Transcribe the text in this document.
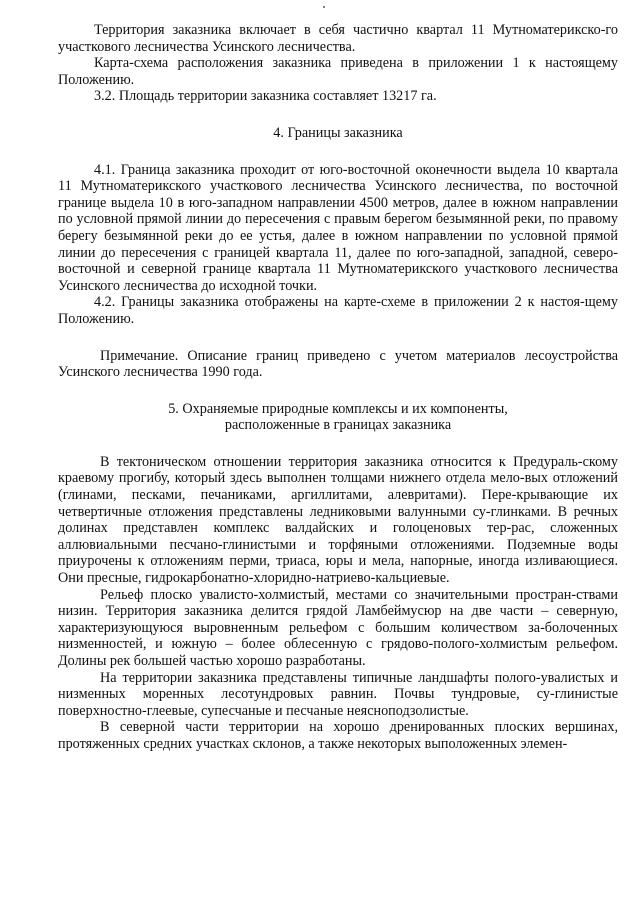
Территория заказника включает в себя частично квартал 11 Мутноматерикско-го участкового лесничества Усинского лесничества.

Карта-схема расположения заказника приведена в приложении 1 к настоящему Положению.

3.2. Площадь территории заказника составляет 13217 га.

4. Границы заказника

4.1. Граница заказника проходит от юго-восточной оконечности выдела 10 квартала 11 Мутноматерикского участкового лесничества Усинского лесничества, по восточной границе выдела 10 в юго-западном направлении 4500 метров, далее в южном направлении по условной прямой линии до пересечения с правым берегом безымянной реки, по правому берегу безымянной реки до ее устья, далее в южном направлении по условной прямой линии до пересечения с границей квартала 11, далее по юго-западной, западной, северо-восточной и северной границе квартала 11 Мутноматерикского участкового лесничества Усинского лесничества до исходной точки.

4.2. Границы заказника отображены на карте-схеме в приложении 2 к настоя-щему Положению.

Примечание. Описание границ приведено с учетом материалов лесоустройства Усинского лесничества 1990 года.

5. Охраняемые природные комплексы и их компоненты,

расположенные в границах заказника

В тектоническом отношении территория заказника относится к Предураль-скому краевому прогибу, который здесь выполнен толщами нижнего отдела мело-вых отложений (глинами, песками, печаниками, аргиллитами, алевритами). Пере-крывающие их четвертичные отложения представлены ледниковыми валунными су-глинками. В речных долинах представлен комплекс валдайских и голоценовых тер-рас, сложенных аллювиальными песчано-глинистыми и торфяными отложениями. Подземные воды приурочены к отложениям перми, триаса, юры и мела, напорные, иногда изливающиеся. Они пресные, гидрокарбонатно-хлоридно-натриево-кальциевые.

Рельеф плоско увалисто-холмистый, местами со значительными простран-ствами низин. Территория заказника делится грядой Ламбеймусюр на две части – северную, характеризующуюся выровненным рельефом с большим количеством за-болоченных низменностей, и южную – более облесенную с грядово-полого-холмистым рельефом. Долины рек большей частью хорошо разработаны.

На территории заказника представлены типичные ландшафты полого-увалистых и низменных моренных лесотундровых равнин. Почвы тундровые, су-глинистые поверхностно-глеевые, супесчаные и песчаные неясноподзолистые.

В северной части территории на хорошо дренированных плоских вершинах, протяженных средних участках склонов, а также некоторых выположенных элемен-
